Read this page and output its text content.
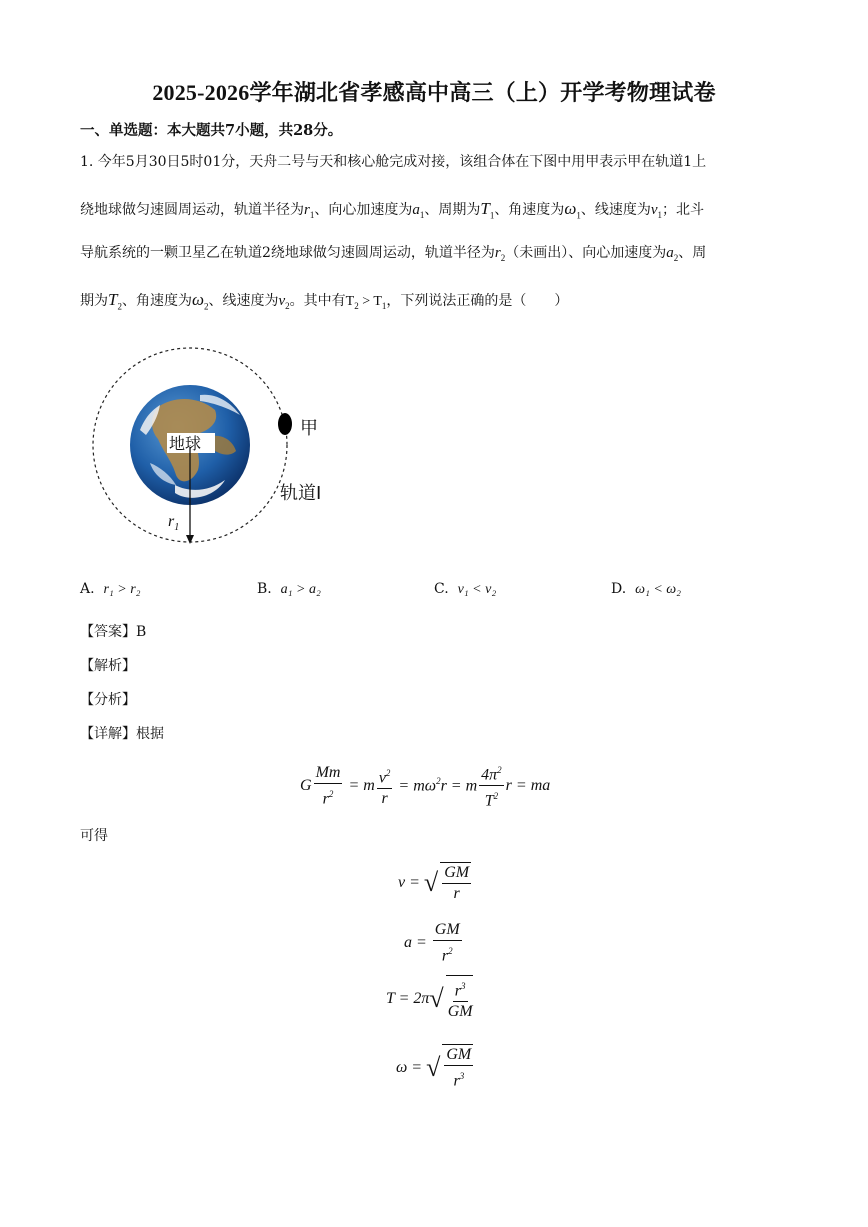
2025-2026学年湖北省孝感高中高三（上）开学考物理试卷
一、单选题：本大题共7小题，共28分。
1. 今年5月30日5时01分，天舟二号与天和核心舱完成对接，该组合体在下图中用甲表示甲在轨道1上
绕地球做匀速圆周运动，轨道半径为$r_1$、向心加速度为$a_1$、周期为$T_1$、角速度为$\omega_1$、线速度为$v_1$；北斗
导航系统的一颗卫星乙在轨道2绕地球做匀速圆周运动，轨道半径为$r_2$（未画出）、向心加速度为$a_2$、周
期为$T_2$、角速度为$\omega_2$、线速度为$v_2$。其中有$T_2 > T_1$，下列说法正确的是（　　）
地球
$r_1$
甲
轨道I
A. r₁ > r₂	B. a₁ > a₂	C. v₁ < v₂	D. ω₁ < ω₂
【答案】B
【解析】
【分析】
【详解】根据
G $\frac{Mm}{r^2} = m \frac{v^2}{r} = m\omega^2r = m \frac{4\pi^2}{T^2}$ r = ma
可得
v = √ $\frac{GM}{r}$
$a = \frac{GM}{r^2}$
T = 2π √ $\frac{r^3}{GM}$
ω = √ $\frac{GM}{r^3}$
